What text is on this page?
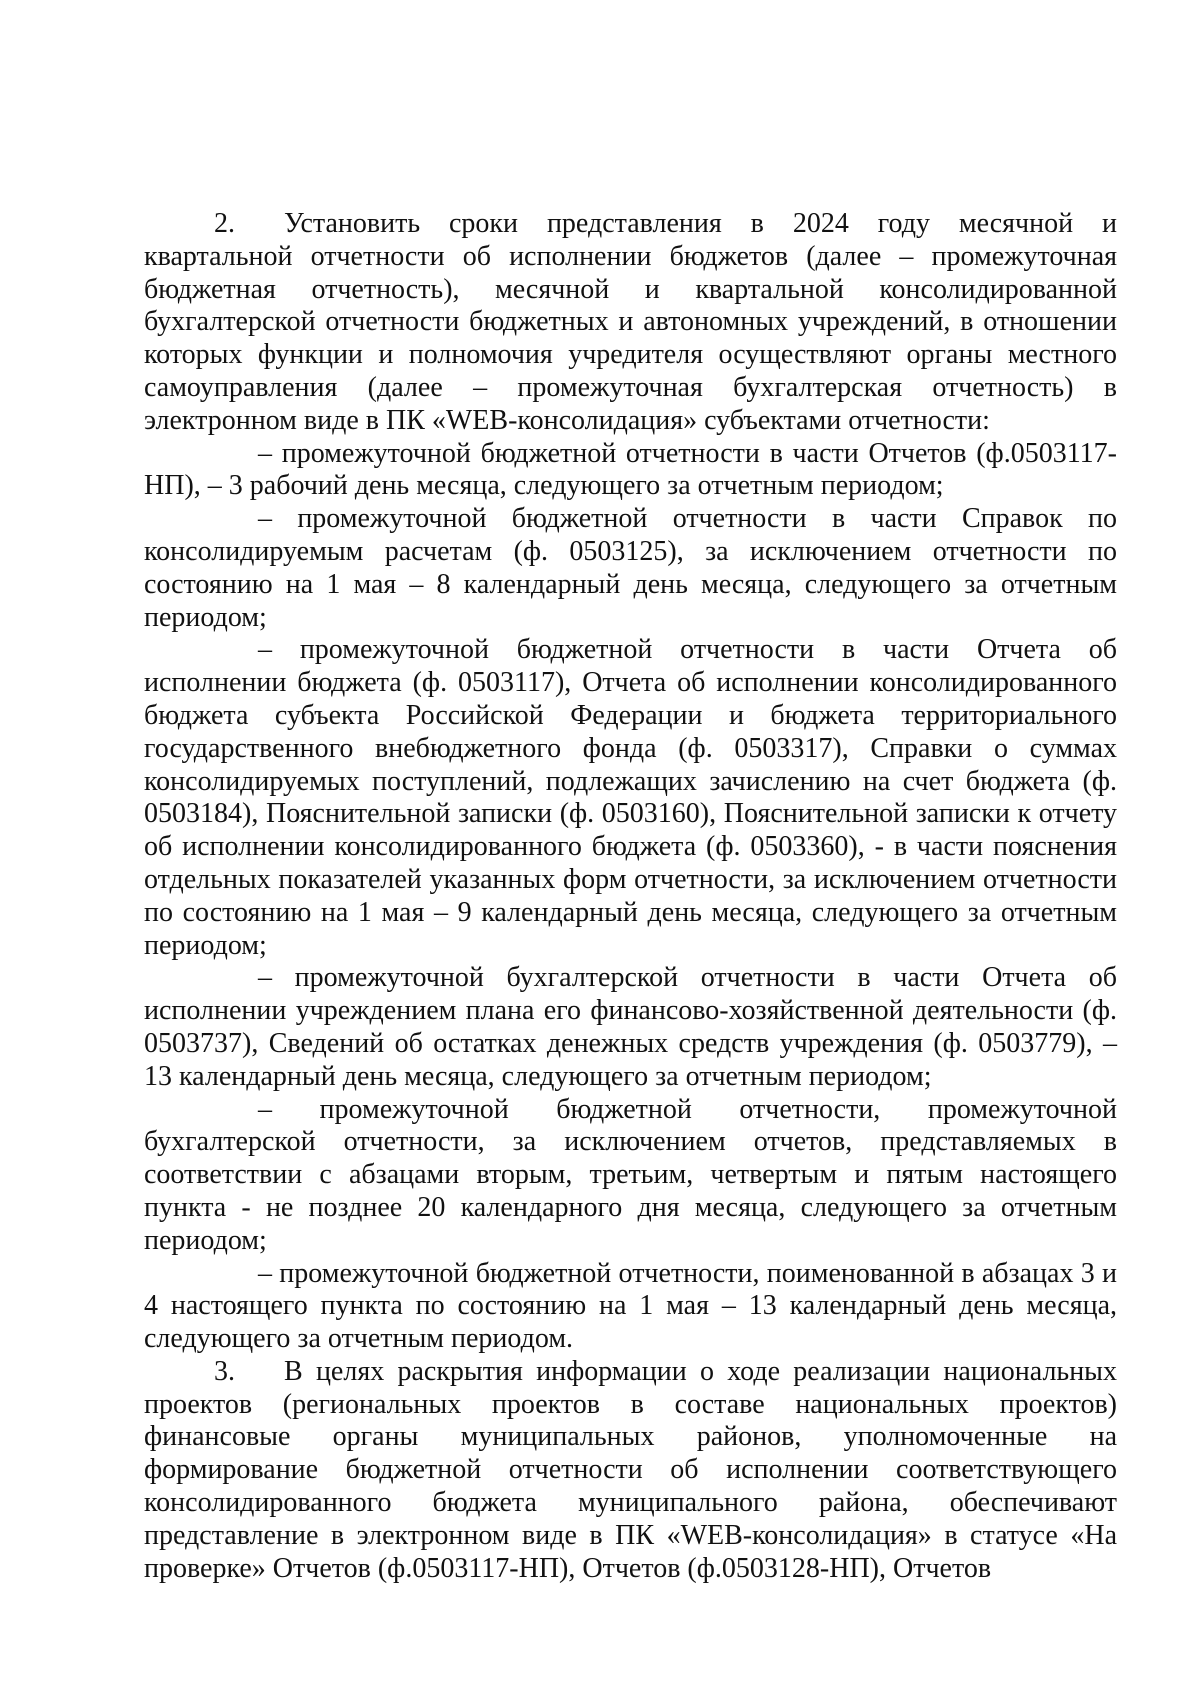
2. Установить сроки представления в 2024 году месячной и квартальной отчетности об исполнении бюджетов (далее – промежуточная бюджетная отчетность), месячной и квартальной консолидированной бухгалтерской отчетности бюджетных и автономных учреждений, в отношении которых функции и полномочия учредителя осуществляют органы местного самоуправления (далее – промежуточная бухгалтерская отчетность) в электронном виде в ПК «WEB-консолидация» субъектами отчетности:

– промежуточной бюджетной отчетности в части Отчетов (ф.0503117-НП), – 3 рабочий день месяца, следующего за отчетным периодом;

– промежуточной бюджетной отчетности в части Справок по консолидируемым расчетам (ф. 0503125), за исключением отчетности по состоянию на 1 мая – 8 календарный день месяца, следующего за отчетным периодом;

– промежуточной бюджетной отчетности в части Отчета об исполнении бюджета (ф. 0503117), Отчета об исполнении консолидированного бюджета субъекта Российской Федерации и бюджета территориального государственного внебюджетного фонда (ф. 0503317), Справки о суммах консолидируемых поступлений, подлежащих зачислению на счет бюджета (ф. 0503184), Пояснительной записки (ф. 0503160), Пояснительной записки к отчету об исполнении консолидированного бюджета (ф. 0503360), - в части пояснения отдельных показателей указанных форм отчетности, за исключением отчетности по состоянию на 1 мая – 9 календарный день месяца, следующего за отчетным периодом;

– промежуточной бухгалтерской отчетности в части Отчета об исполнении учреждением плана его финансово-хозяйственной деятельности (ф. 0503737), Сведений об остатках денежных средств учреждения (ф. 0503779), – 13 календарный день месяца, следующего за отчетным периодом;

– промежуточной бюджетной отчетности, промежуточной бухгалтерской отчетности, за исключением отчетов, представляемых в соответствии с абзацами вторым, третьим, четвертым и пятым настоящего пункта - не позднее 20 календарного дня месяца, следующего за отчетным периодом;

– промежуточной бюджетной отчетности, поименованной в абзацах 3 и 4 настоящего пункта по состоянию на 1 мая – 13 календарный день месяца, следующего за отчетным периодом.

3. В целях раскрытия информации о ходе реализации национальных проектов (региональных проектов в составе национальных проектов) финансовые органы муниципальных районов, уполномоченные на формирование бюджетной отчетности об исполнении соответствующего консолидированного бюджета муниципального района, обеспечивают представление в электронном виде в ПК «WEB-консолидация» в статусе «На проверке» Отчетов (ф.0503117-НП), Отчетов (ф.0503128-НП), Отчетов
